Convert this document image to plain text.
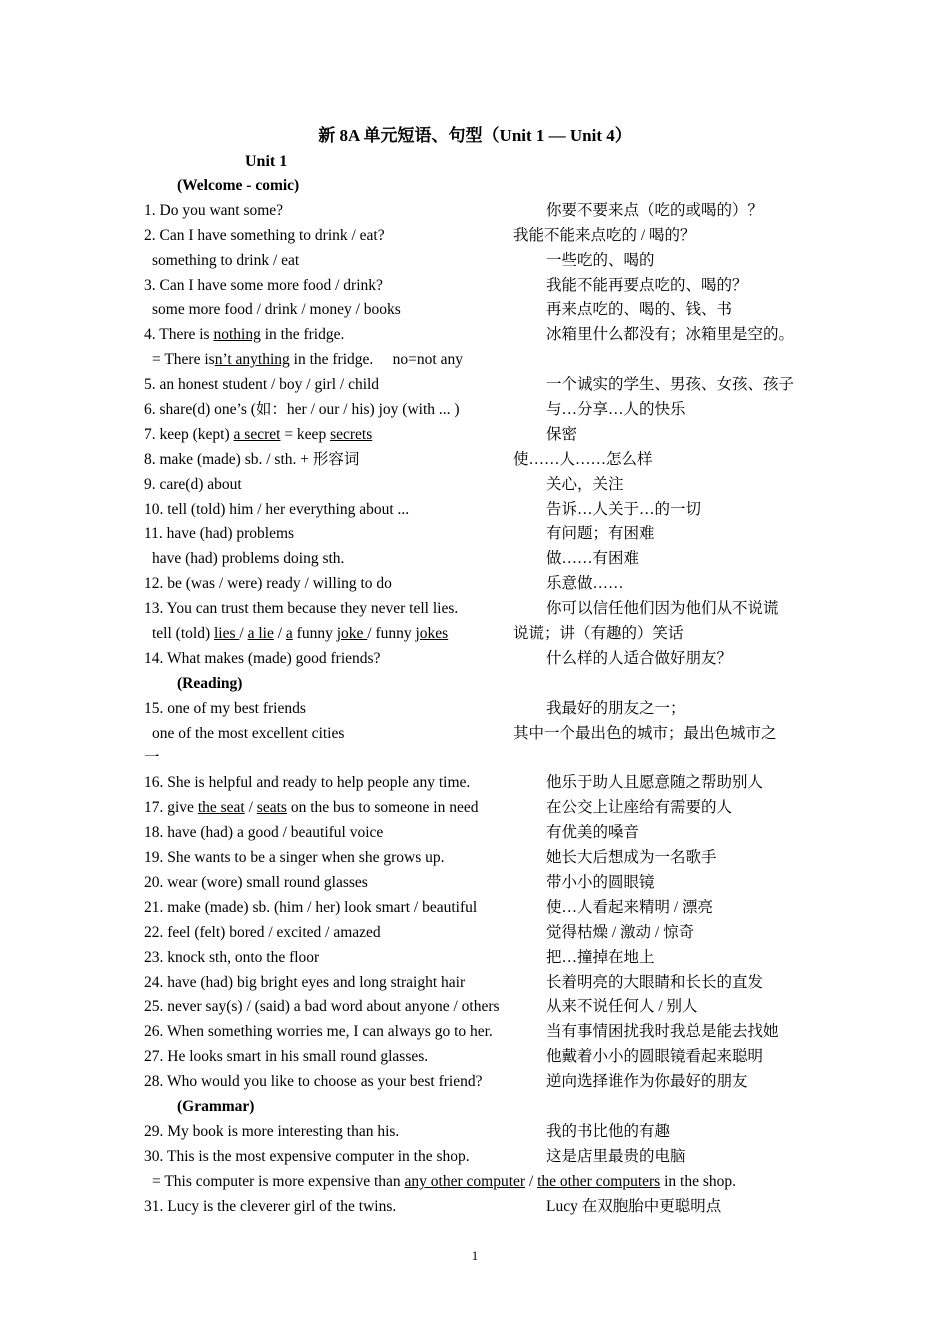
新 8A 单元短语、句型（Unit 1 — Unit 4）
Unit 1
(Welcome - comic)
1. Do you want some?	你要不要来点（吃的或喝的）？
2. Can I have something to drink / eat?	我能不能来点吃的 / 喝的？
something to drink / eat	一些吃的、喝的
3. Can I have some more food / drink?	我能不能再要点吃的、喝的？
some more food / drink / money / books	再来点吃的、喝的、钱、书
4. There is nothing in the fridge.	冰箱里什么都没有；冰箱里是空的。
= There isn’t anything in the fridge.     no=not any
5. an honest student / boy / girl / child	一个诚实的学生、男孩、女孩、孩子
6. share(d) one’s (如：her / our / his) joy (with ... )	与…分享…人的快乐
7. keep (kept) a secret = keep secrets	保密
8. make (made) sb. / sth. + 形容词	使……人……怎么样
9. care(d) about	关心，关注
10. tell (told) him / her everything about ...	告诉…人关于…的一切
11. have (had) problems	有问题；有困难
have (had) problems doing sth.	做……有困难
12. be (was / were) ready / willing to do	乐意做……
13. You can trust them because they never tell lies.	你可以信任他们因为他们从不说谎
tell (told) lies / a lie / a funny joke / funny jokes	说谎；讲（有趣的）笑话
14. What makes (made) good friends?	什么样的人适合做好朋友？
(Reading)
15. one of my best friends	我最好的朋友之一；
one of the most excellent cities	其中一个最出色的城市；最出色城市之
一
16. She is helpful and ready to help people any time.	他乐于助人且愿意随之帮助别人
17. give the seat / seats on the bus to someone in need	在公交上让座给有需要的人
18. have (had) a good / beautiful voice	有优美的嗓音
19. She wants to be a singer when she grows up.	她长大后想成为一名歌手
20. wear (wore) small round glasses	带小小的圆眼镜
21. make (made) sb. (him / her) look smart / beautiful	使…人看起来精明 / 漂亮
22. feel (felt) bored / excited / amazed	觉得枯燥 / 激动 / 惊奇
23. knock sth, onto the floor	把…撞掉在地上
24. have (had) big bright eyes and long straight hair	长着明亮的大眼睛和长长的直发
25. never say(s) / (said) a bad word about anyone / others	从来不说任何人 / 别人
26. When something worries me, I can always go to her.	当有事情困扰我时我总是能去找她
27. He looks smart in his small round glasses.	他戴着小小的圆眼镜看起来聪明
28. Who would you like to choose as your best friend?	逆向选择谁作为你最好的朋友
(Grammar)
29. My book is more interesting than his.	我的书比他的有趣
30. This is the most expensive computer in the shop.	这是店里最贵的电脑
= This computer is more expensive than any other computer / the other computers in the shop.
31. Lucy is the cleverer girl of the twins.	Lucy 在双胞胎中更聪明点
1
